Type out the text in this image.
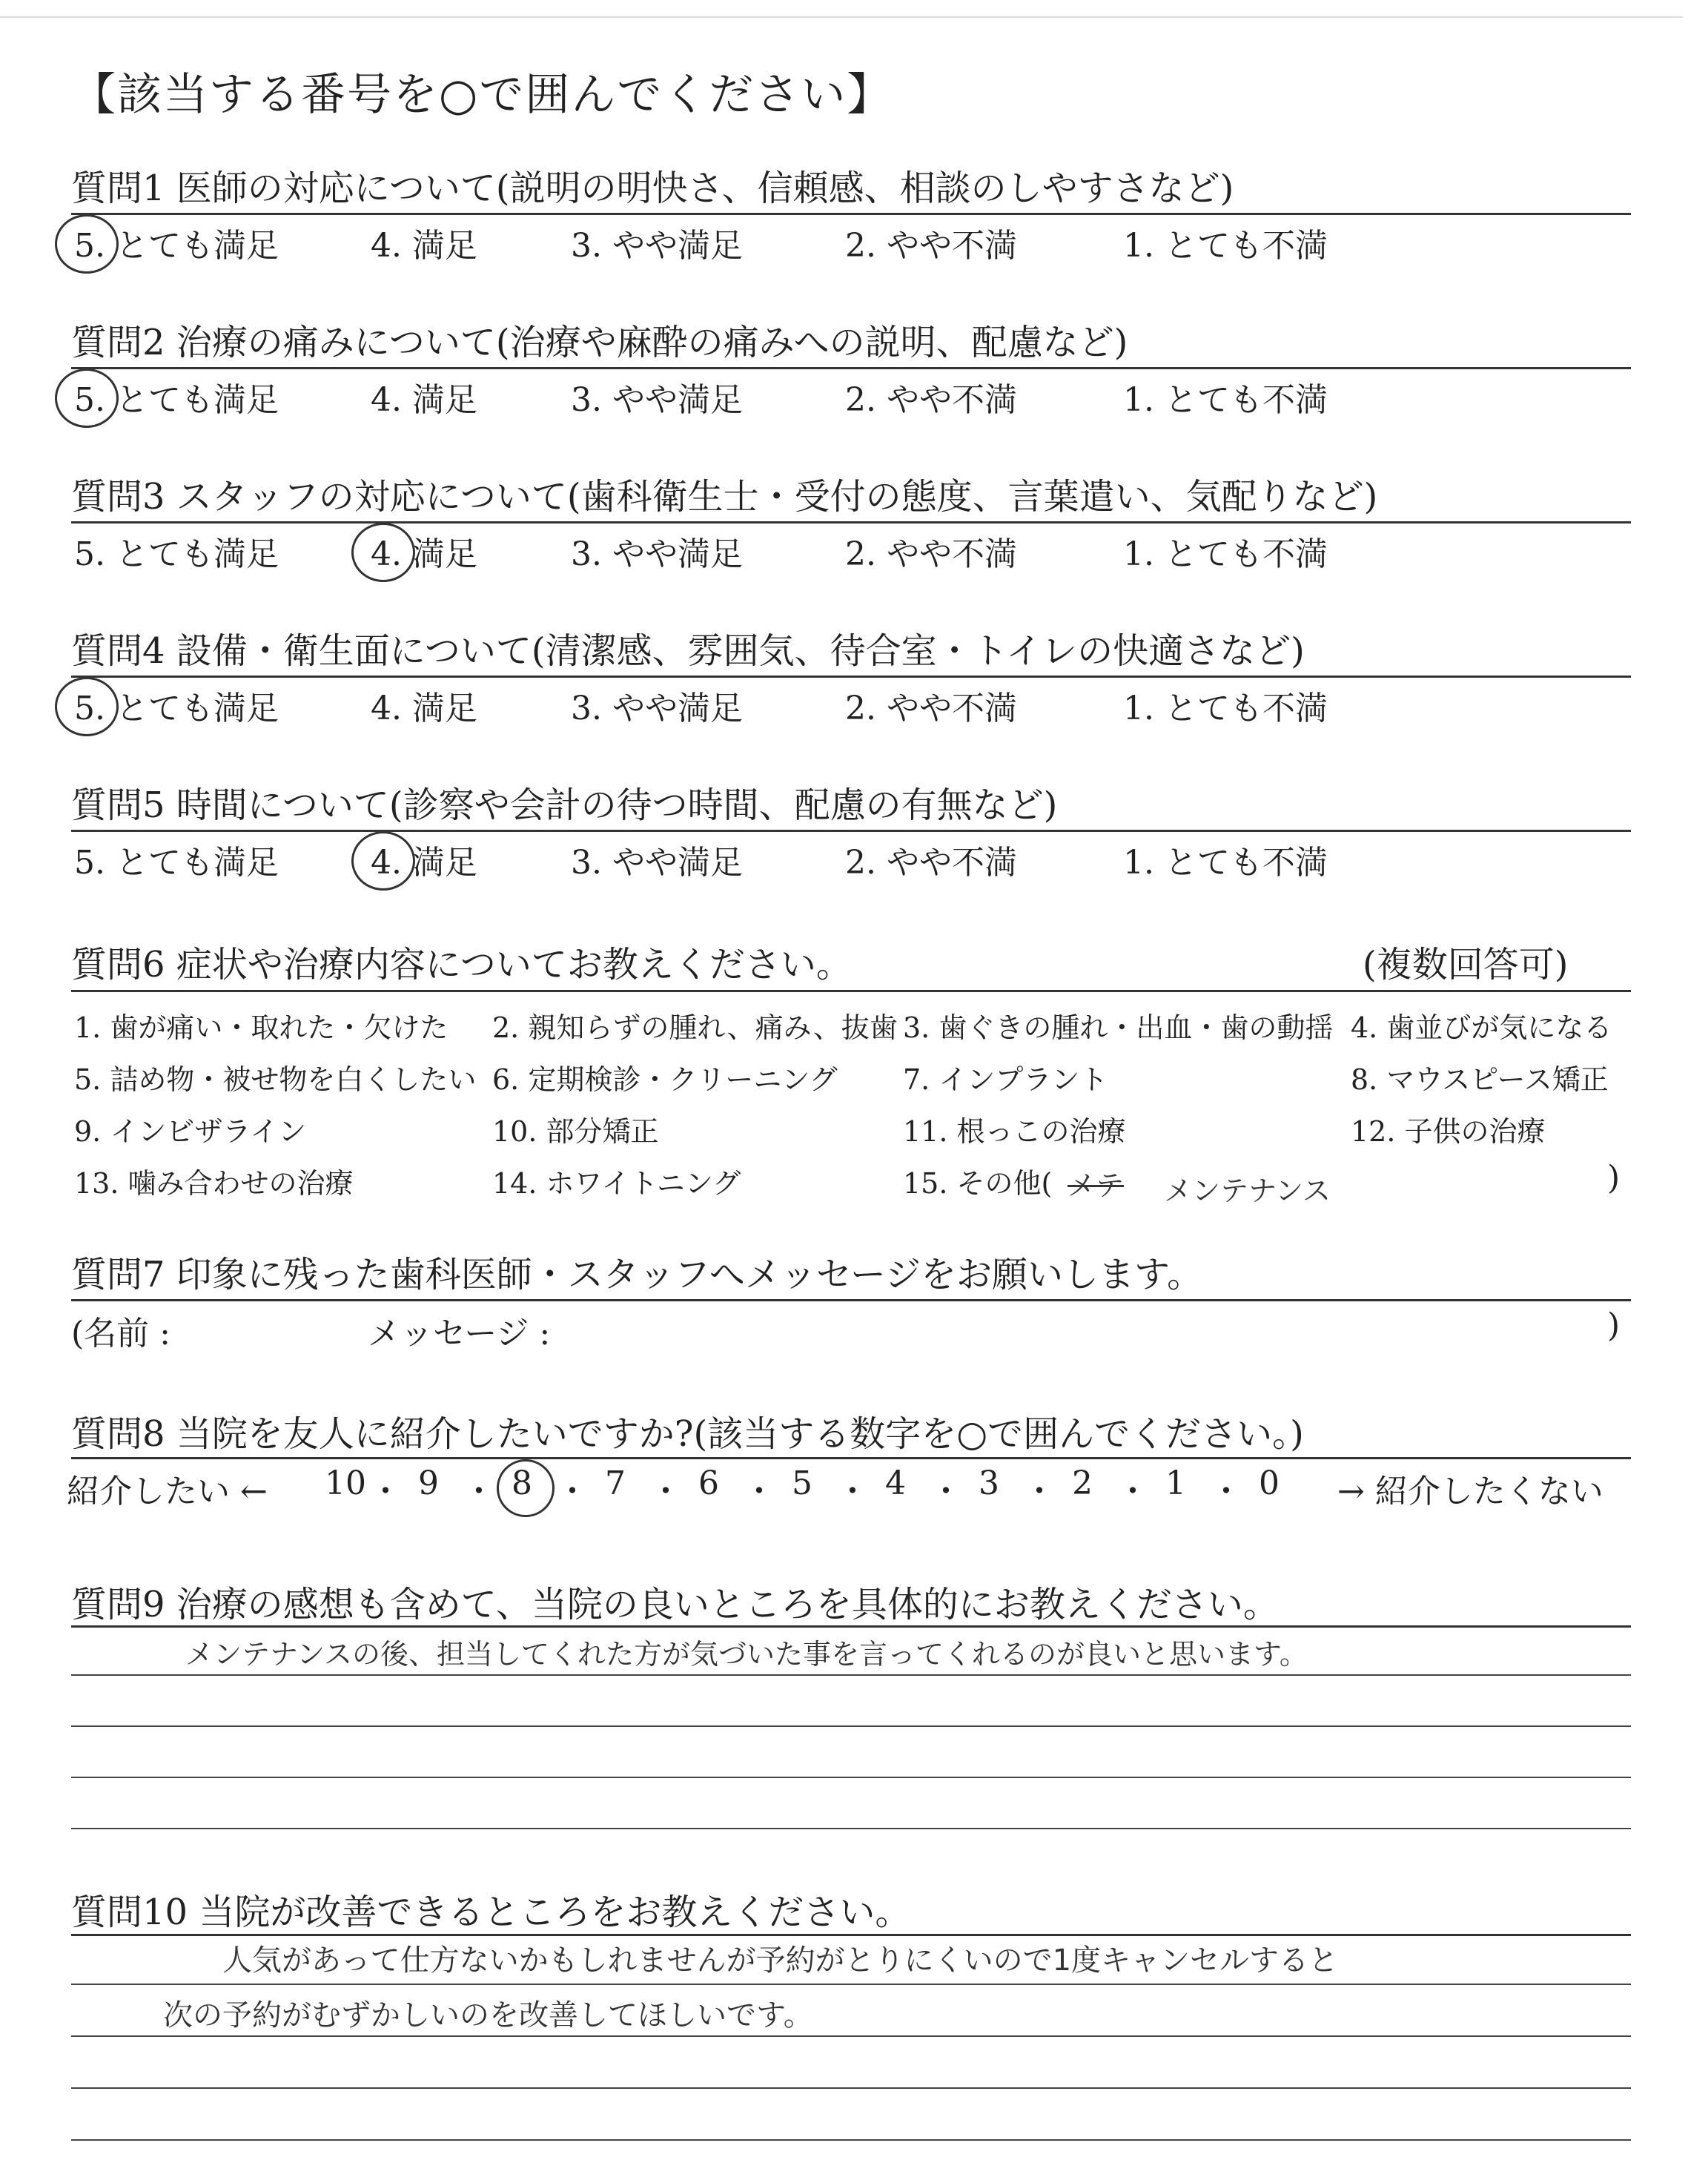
【該当する番号を○で囲んでください】
質問1 医師の対応について(説明の明快さ、信頼感、相談のしやすさなど)
5. とても満足	4. 満足	3. やや満足	2. やや不満	1. とても不満
質問2 治療の痛みについて(治療や麻酔の痛みへの説明、配慮など)
5. とても満足	4. 満足	3. やや満足	2. やや不満	1. とても不満
質問3 スタッフの対応について(歯科衛生士・受付の態度、言葉遣い、気配りなど)
5. とても満足	4. 満足	3. やや満足	2. やや不満	1. とても不満
質問4 設備・衛生面について(清潔感、雰囲気、待合室・トイレの快適さなど)
5. とても満足	4. 満足	3. やや満足	2. やや不満	1. とても不満
質問5 時間について(診察や会計の待つ時間、配慮の有無など)
5. とても満足	4. 満足	3. やや満足	2. やや不満	1. とても不満
質問6 症状や治療内容についてお教えください。	(複数回答可)
1. 歯が痛い・取れた・欠けた 2. 親知らずの腫れ、痛み、抜歯 3. 歯ぐきの腫れ・出血・歯の動揺 4. 歯並びが気になる
5. 詰め物・被せ物を白くしたい 6. 定期検診・クリーニング 7. インプラント	8. マウスピース矯正
9. インビザライン	10. 部分矯正	11. 根っこの治療	12. 子供の治療
13. 噛み合わせの治療	14. ホワイトニング	15. その他( メテ メンテナンス	)
質問7 印象に残った歯科医師・スタッフへメッセージをお願いします。
(名前 :	メッセージ :	)
質問8 当院を友人に紹介したいですか?(該当する数字を○で囲んでください。)
紹介したい ←	→ 紹介したくない
10 ・ 9 ・ 8 ・ 7 ・ 6 ・ 5 ・ 4 ・ 3 ・ 2 ・ 1 ・ 0
質問9 治療の感想も含めて、当院の良いところを具体的にお教えください。
メンテナンスの後、担当してくれた方が気づいた事を言ってくれるのが良いと思います。
質問10 当院が改善できるところをお教えください。
人気があって仕方ないかもしれませんが予約がとりにくいので1度キャンセルすると
次の予約がむずかしいのを改善してほしいです。
